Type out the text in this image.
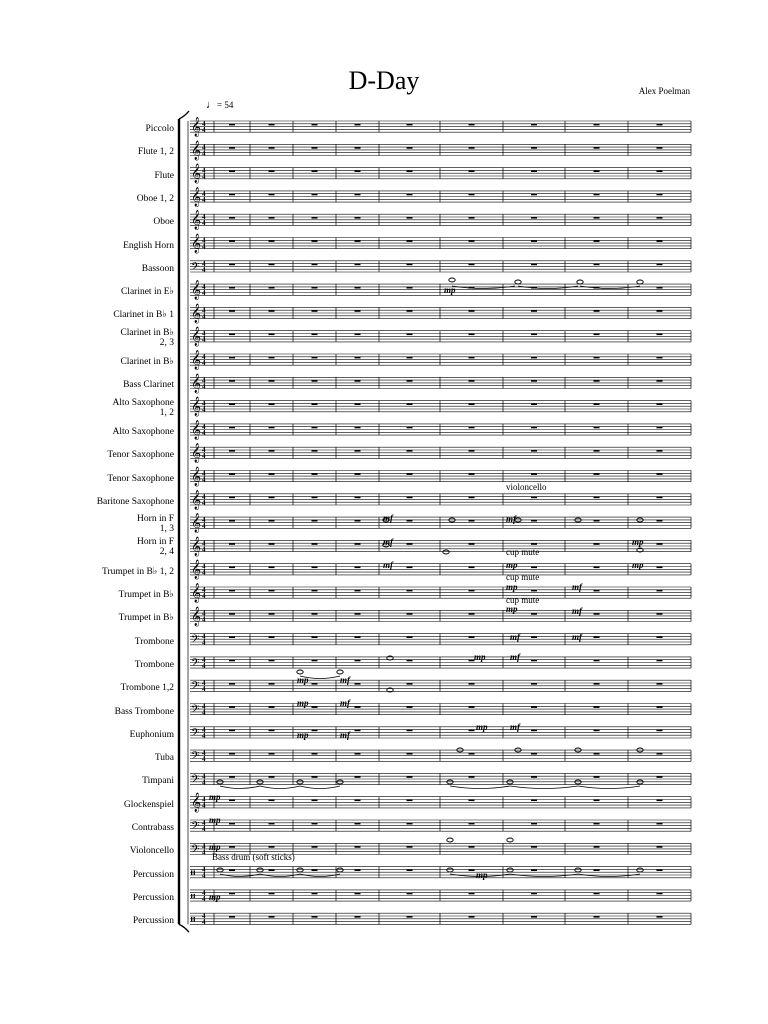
D-Day	Alex Poelman
♩= 54
Piccolo
Flute 1, 2
Flute
Oboe 1, 2
Oboe
English Horn
Bassoon
Clarinet in E♭
Clarinet in B♭ 1
Clarinet in B♭
2, 3
Clarinet in B♭
Bass Clarinet
Alto Saxophone
1, 2
Alto Saxophone
Tenor Saxophone
Tenor Saxophone
Baritone Saxophone
Horn in F
1, 3
Horn in F
2, 4
Trumpet in B♭ 1, 2
Trumpet in B♭
Trumpet in B♭
Trombone
Trombone
Trombone 1,2
Bass Trombone
Euphonium
Tuba
Timpani
Glockenspiel
Contrabass
Violoncello
Percussion
Percussion
Percussion
𝄞 4
4
𝄞 4
4
𝄞 4
4
𝄞 4
4
𝄞 4
4
𝄞 4
4
𝄢 4
4
𝄞 4
4
𝄞 4
4
𝄞 4
4
𝄞 4
4
𝄞 4
4
𝄞 4
4
𝄞 4
4
𝄞 4
4
𝄞 4
4
𝄞 4
4
𝄞 4
4
𝄞 4
4
𝄞 4
4
𝄞 4
4
𝄞 4
4
𝄢 4
4
𝄢 4
4
𝄢 4
4
𝄢 4
4
𝄢 4
4
𝄢 4
4
𝄢 4
4
𝄞 4
4
𝄢 4
4
𝄢 4
4
𝄥 4
4
𝄥 4
4
𝄥 4
4
violoncello
cup mute
cup mute
cup mute
Bass drum (soft sticks)
mp
mf
mf
mf
mf
mp
mp
mp
mf
mf
mf
mp
mp
mf
mp	mf
mp	mf
mp	mf
mp	mf
mp mf
mp
mp
mp
mp
mp
